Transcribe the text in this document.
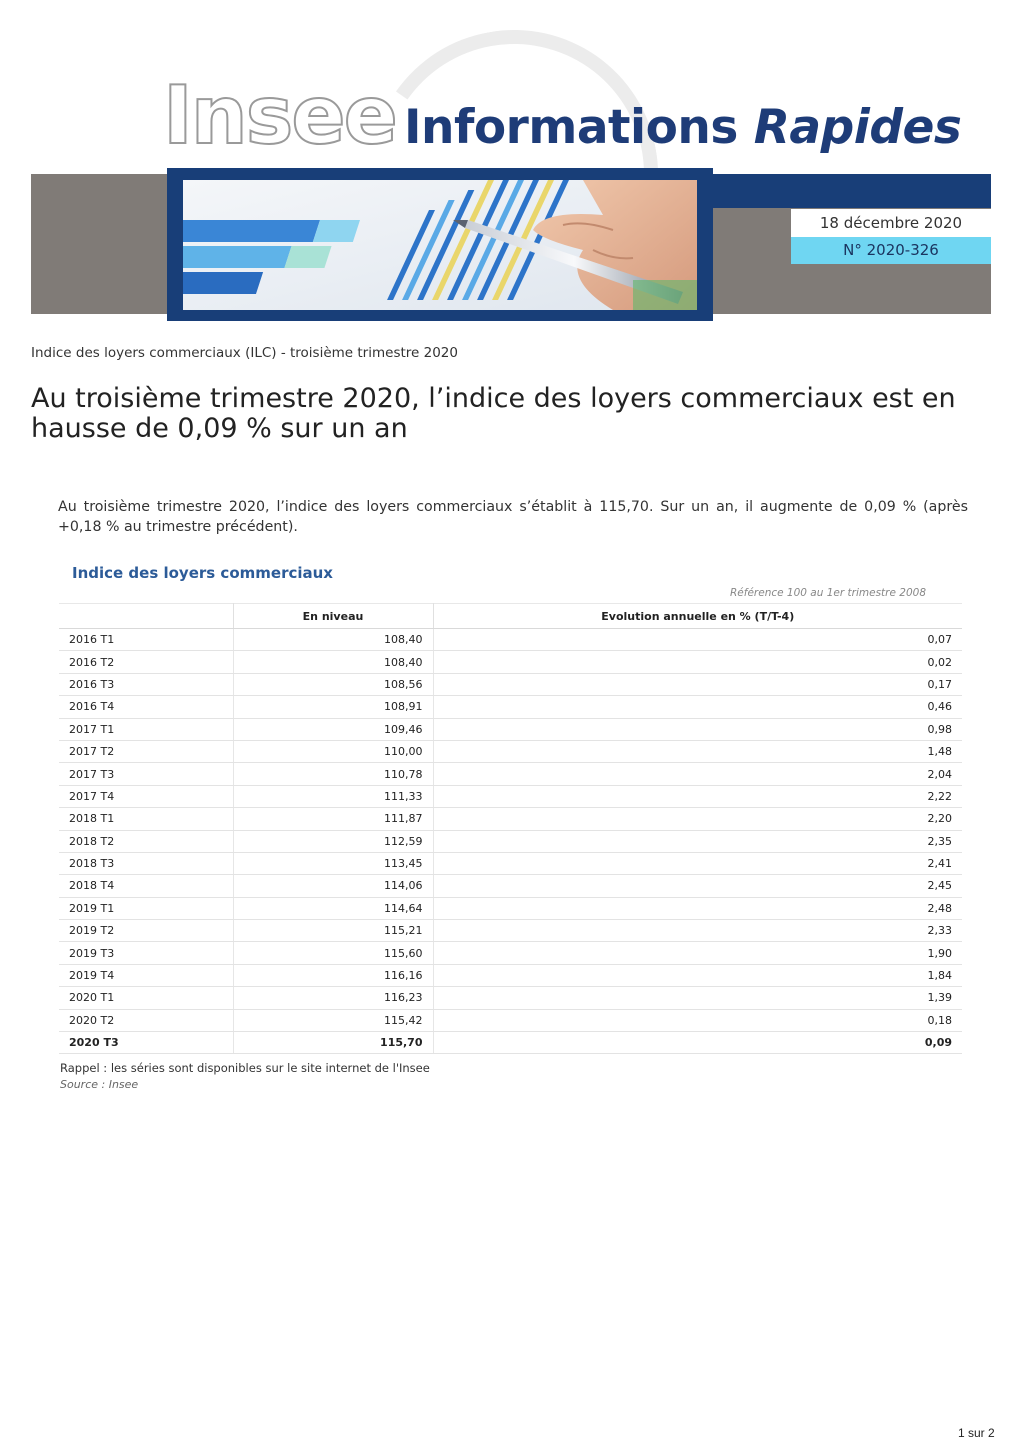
Insee Informations Rapides
18 décembre 2020
N° 2020-326
Indice des loyers commerciaux (ILC) - troisième trimestre 2020
Au troisième trimestre 2020, l’indice des loyers commerciaux est en hausse de 0,09 % sur un an
Au troisième trimestre 2020, l’indice des loyers commerciaux s’établit à 115,70. Sur un an, il augmente de 0,09 % (après +0,18 % au trimestre précédent).
Indice des loyers commerciaux
Référence 100 au 1er trimestre 2008
	En niveau	Evolution annuelle en % (T/T-4)
2016 T1	108,40	0,07
2016 T2	108,40	0,02
2016 T3	108,56	0,17
2016 T4	108,91	0,46
2017 T1	109,46	0,98
2017 T2	110,00	1,48
2017 T3	110,78	2,04
2017 T4	111,33	2,22
2018 T1	111,87	2,20
2018 T2	112,59	2,35
2018 T3	113,45	2,41
2018 T4	114,06	2,45
2019 T1	114,64	2,48
2019 T2	115,21	2,33
2019 T3	115,60	1,90
2019 T4	116,16	1,84
2020 T1	116,23	1,39
2020 T2	115,42	0,18
2020 T3	115,70	0,09
Rappel : les séries sont disponibles sur le site internet de l'Insee
Source : Insee
1 sur 2
